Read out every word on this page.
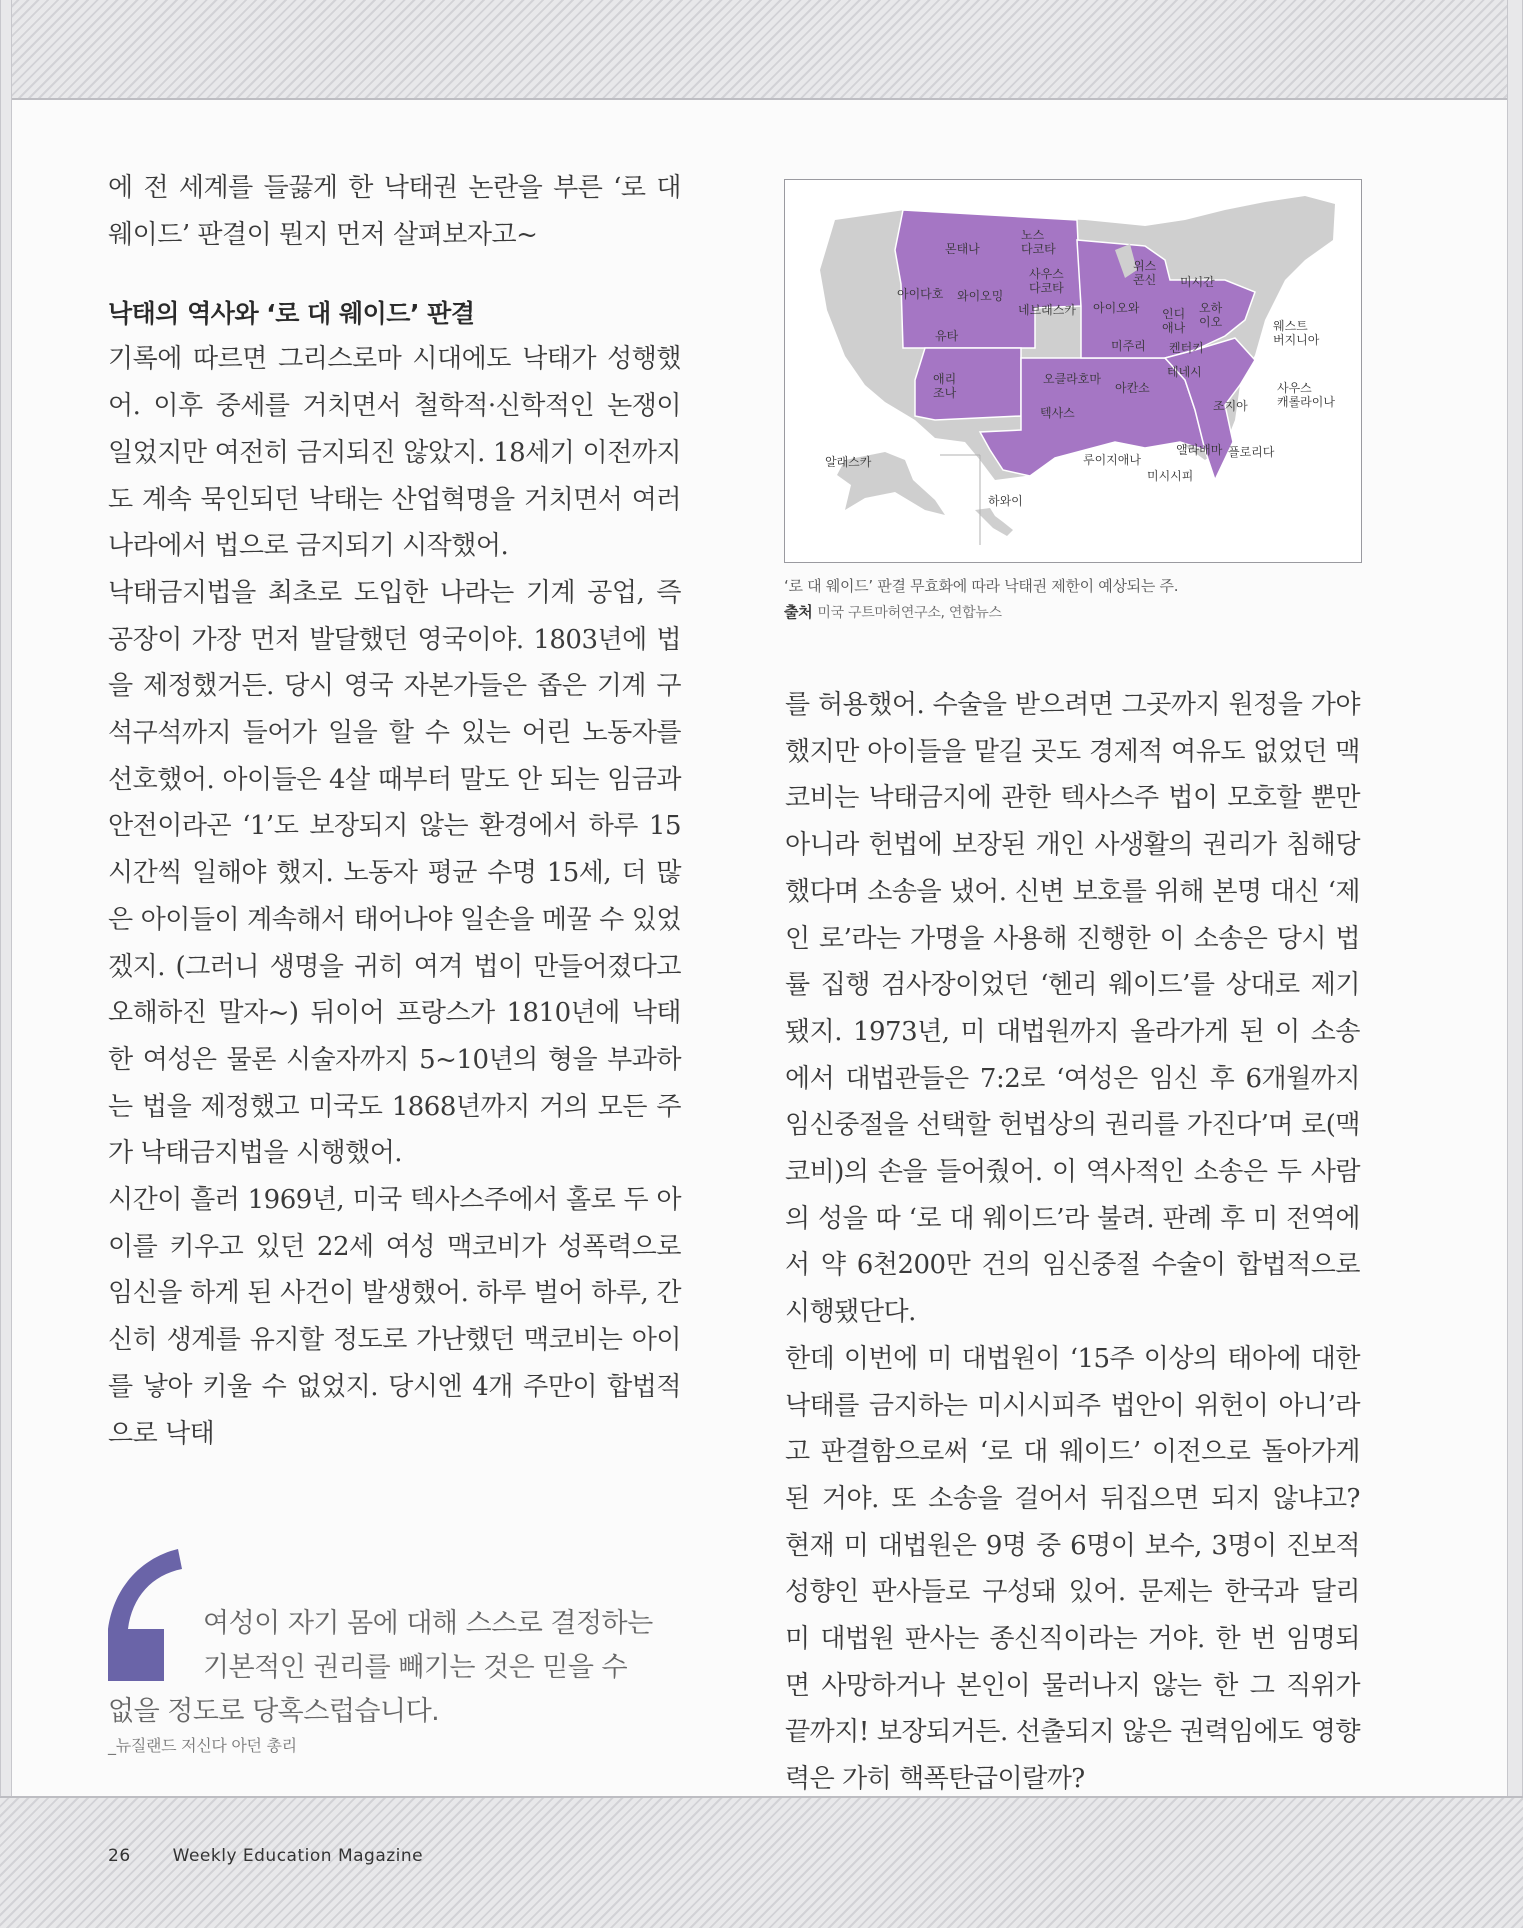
에 전 세계를 들끓게 한 낙태권 논란을 부른 ‘로 대 웨이드’ 판결이 뭔지 먼저 살펴보자고~

낙태의 역사와 ‘로 대 웨이드’ 판결

기록에 따르면 그리스로마 시대에도 낙태가 성행했어. 이후 중세를 거치면서 철학적·신학적인 논쟁이 일었지만 여전히 금지되진 않았지. 18세기 이전까지도 계속 묵인되던 낙태는 산업혁명을 거치면서 여러 나라에서 법으로 금지되기 시작했어.

낙태금지법을 최초로 도입한 나라는 기계 공업, 즉 공장이 가장 먼저 발달했던 영국이야. 1803년에 법을 제정했거든. 당시 영국 자본가들은 좁은 기계 구석구석까지 들어가 일을 할 수 있는 어린 노동자를 선호했어. 아이들은 4살 때부터 말도 안 되는 임금과 안전이라곤 ‘1’도 보장되지 않는 환경에서 하루 15시간씩 일해야 했지. 노동자 평균 수명 15세, 더 많은 아이들이 계속해서 태어나야 일손을 메꿀 수 있었겠지. (그러니 생명을 귀히 여겨 법이 만들어졌다고 오해하진 말자~) 뒤이어 프랑스가 1810년에 낙태한 여성은 물론 시술자까지 5~10년의 형을 부과하는 법을 제정했고 미국도 1868년까지 거의 모든 주가 낙태금지법을 시행했어.

시간이 흘러 1969년, 미국 텍사스주에서 홀로 두 아이를 키우고 있던 22세 여성 맥코비가 성폭력으로 임신을 하게 된 사건이 발생했어. 하루 벌어 하루, 간신히 생계를 유지할 정도로 가난했던 맥코비는 아이를 낳아 키울 수 없었지. 당시엔 4개 주만이 합법적으로 낙태

몬태나
노스
다코타
사우스
다코타
위스
콘신 미시간
아이다호 와이오밍
네브래스카 아이오와 인디
애나
오하
이오	웨스트
버지니아
유타
미주리 켄터키
애리
조나
오클라호마
아칸소
테네시
사우스
캐롤라이나
조지아
텍사스
알래스카	루이지애나
앨라배마 플로리다
미시시피
하와이
‘로 대 웨이드’ 판결 무효화에 따라 낙태권 제한이 예상되는 주.
출처 미국 구트마허연구소, 연합뉴스

를 허용했어. 수술을 받으려면 그곳까지 원정을 가야 했지만 아이들을 맡길 곳도 경제적 여유도 없었던 맥코비는 낙태금지에 관한 텍사스주 법이 모호할 뿐만 아니라 헌법에 보장된 개인 사생활의 권리가 침해당했다며 소송을 냈어. 신변 보호를 위해 본명 대신 ‘제인 로’라는 가명을 사용해 진행한 이 소송은 당시 법률 집행 검사장이었던 ‘헨리 웨이드’를 상대로 제기됐지. 1973년, 미 대법원까지 올라가게 된 이 소송에서 대법관들은 7:2로 ‘여성은 임신 후 6개월까지 임신중절을 선택할 헌법상의 권리를 가진다’며 로(맥코비)의 손을 들어줬어. 이 역사적인 소송은 두 사람의 성을 따 ‘로 대 웨이드’라 불려. 판례 후 미 전역에서 약 6천200만 건의 임신중절 수술이 합법적으로 시행됐단다.

한데 이번에 미 대법원이 ‘15주 이상의 태아에 대한 낙태를 금지하는 미시시피주 법안이 위헌이 아니’라고 판결함으로써 ‘로 대 웨이드’ 이전으로 돌아가게 된 거야. 또 소송을 걸어서 뒤집으면 되지 않냐고? 현재 미 대법원은 9명 중 6명이 보수, 3명이 진보적 성향인 판사들로 구성돼 있어. 문제는 한국과 달리 미 대법원 판사는 종신직이라는 거야. 한 번 임명되면 사망하거나 본인이 물러나지 않는 한 그 직위가 끝까지! 보장되거든. 선출되지 않은 권력임에도 영향력은 가히 핵폭탄급이랄까?

여성이 자기 몸에 대해 스스로 결정하는
기본적인 권리를 빼기는 것은 믿을 수
없을 정도로 당혹스럽습니다.
_뉴질랜드 저신다 아던 총리
26 Weekly Education Magazine
